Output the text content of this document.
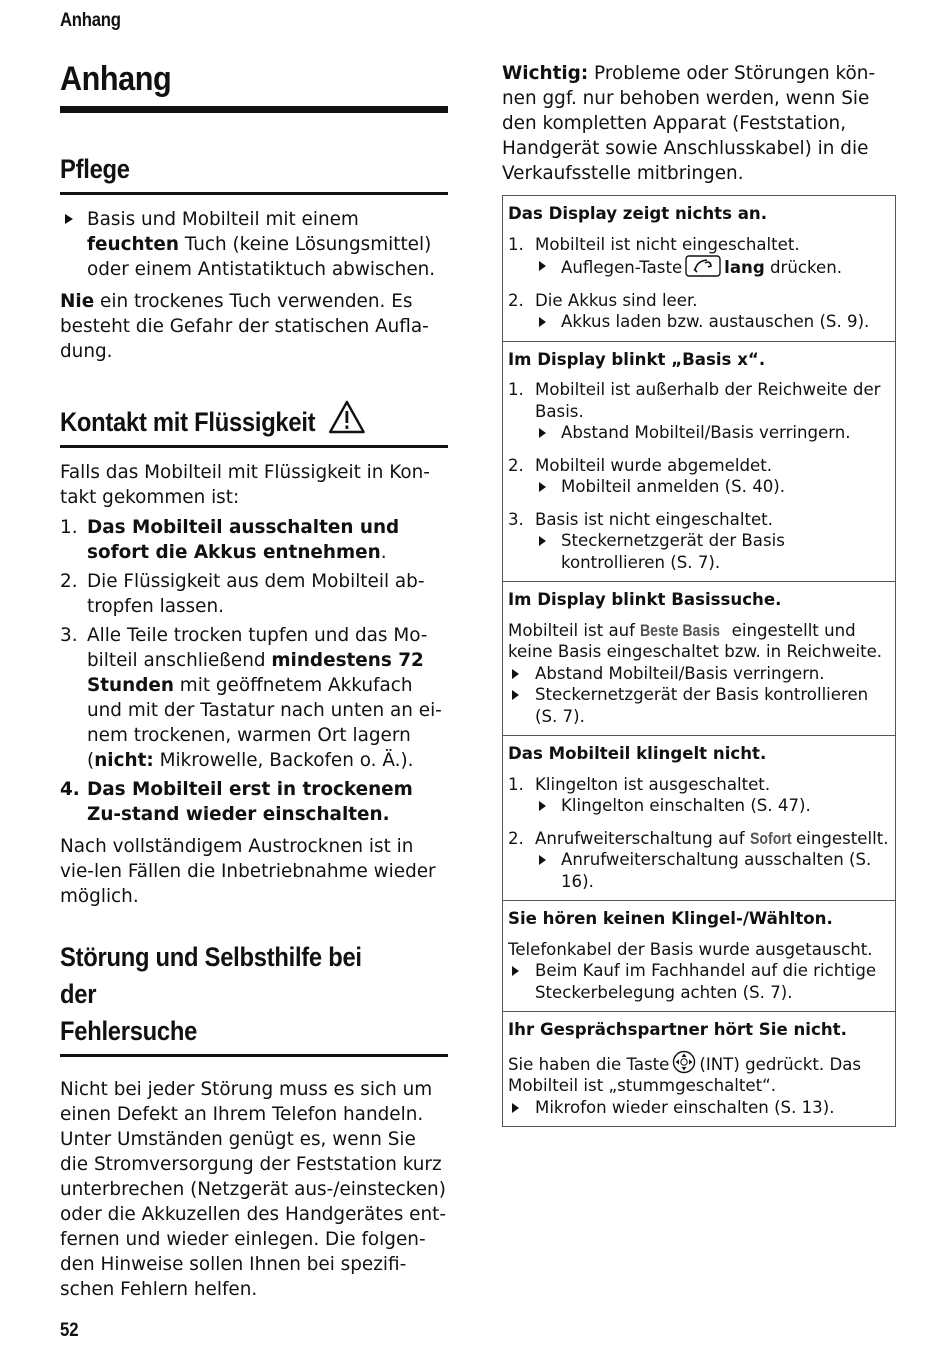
Anhang
Anhang
Pflege
Basis und Mobilteil mit einem feuchten Tuch (keine Lösungsmittel) oder einem Antistatiktuch abwischen.

Nie ein trockenes Tuch verwenden. Es besteht die Gefahr der statischen Aufla-dung.

Kontakt mit Flüssigkeit

Falls das Mobilteil mit Flüssigkeit in Kon-takt gekommen ist:

1. Das Mobilteil ausschalten und sofort die Akkus entnehmen.
2. Die Flüssigkeit aus dem Mobilteil ab-tropfen lassen.
3. Alle Teile trocken tupfen und das Mo-bilteil anschließend mindestens 72 Stunden mit geöffnetem Akkufach und mit der Tastatur nach unten an ei-nem trockenen, warmen Ort lagern (nicht: Mikrowelle, Backofen o. Ä.).
4. Das Mobilteil erst in trockenem Zu-stand wieder einschalten.

Nach vollständigem Austrocknen ist in vie-len Fällen die Inbetriebnahme wieder möglich.

Störung und Selbsthilfe bei der
Fehlersuche

Nicht bei jeder Störung muss es sich um einen Defekt an Ihrem Telefon handeln. Unter Umständen genügt es, wenn Sie die Stromversorgung der Feststation kurz unterbrechen (Netzgerät aus-/einstecken) oder die Akkuzellen des Handgerätes ent-fernen und wieder einlegen. Die folgen-den Hinweise sollen Ihnen bei spezifi-schen Fehlern helfen.

Wichtig: Probleme oder Störungen kön-nen ggf. nur behoben werden, wenn Sie den kompletten Apparat (Feststation, Handgerät sowie Anschlusskabel) in die Verkaufsstelle mitbringen.

Das Display zeigt nichts an.
1. Mobilteil ist nicht eingeschaltet.
Auflegen-Taste	lang drücken.
2. Die Akkus sind leer.
Akkus laden bzw. austauschen (S. 9).
Im Display blinkt „Basis x“.
1. Mobilteil ist außerhalb der Reichweite der Basis.
Abstand Mobilteil/Basis verringern.
2. Mobilteil wurde abgemeldet.
Mobilteil anmelden (S. 40).
3. Basis ist nicht eingeschaltet.
Steckernetzgerät der Basis kontrollieren (S. 7).
Im Display blinkt Basissuche.
Mobilteil ist auf Beste Basis eingestellt und keine Basis eingeschaltet bzw. in Reichweite.
Abstand Mobilteil/Basis verringern.
Steckernetzgerät der Basis kontrollieren (S. 7).
Das Mobilteil klingelt nicht.
1. Klingelton ist ausgeschaltet.
Klingelton einschalten (S. 47).
2. Anrufweiterschaltung auf Sofort eingestellt.
Anrufweiterschaltung ausschalten (S. 16).
Sie hören keinen Klingel-/Wählton.
Telefonkabel der Basis wurde ausgetauscht.
Beim Kauf im Fachhandel auf die richtige Steckerbelegung achten (S. 7).
Ihr Gesprächspartner hört Sie nicht.
Sie haben die Taste (INT) gedrückt. Das Mobilteil ist „stummgeschaltet“.
Mikrofon wieder einschalten (S. 13).
52
